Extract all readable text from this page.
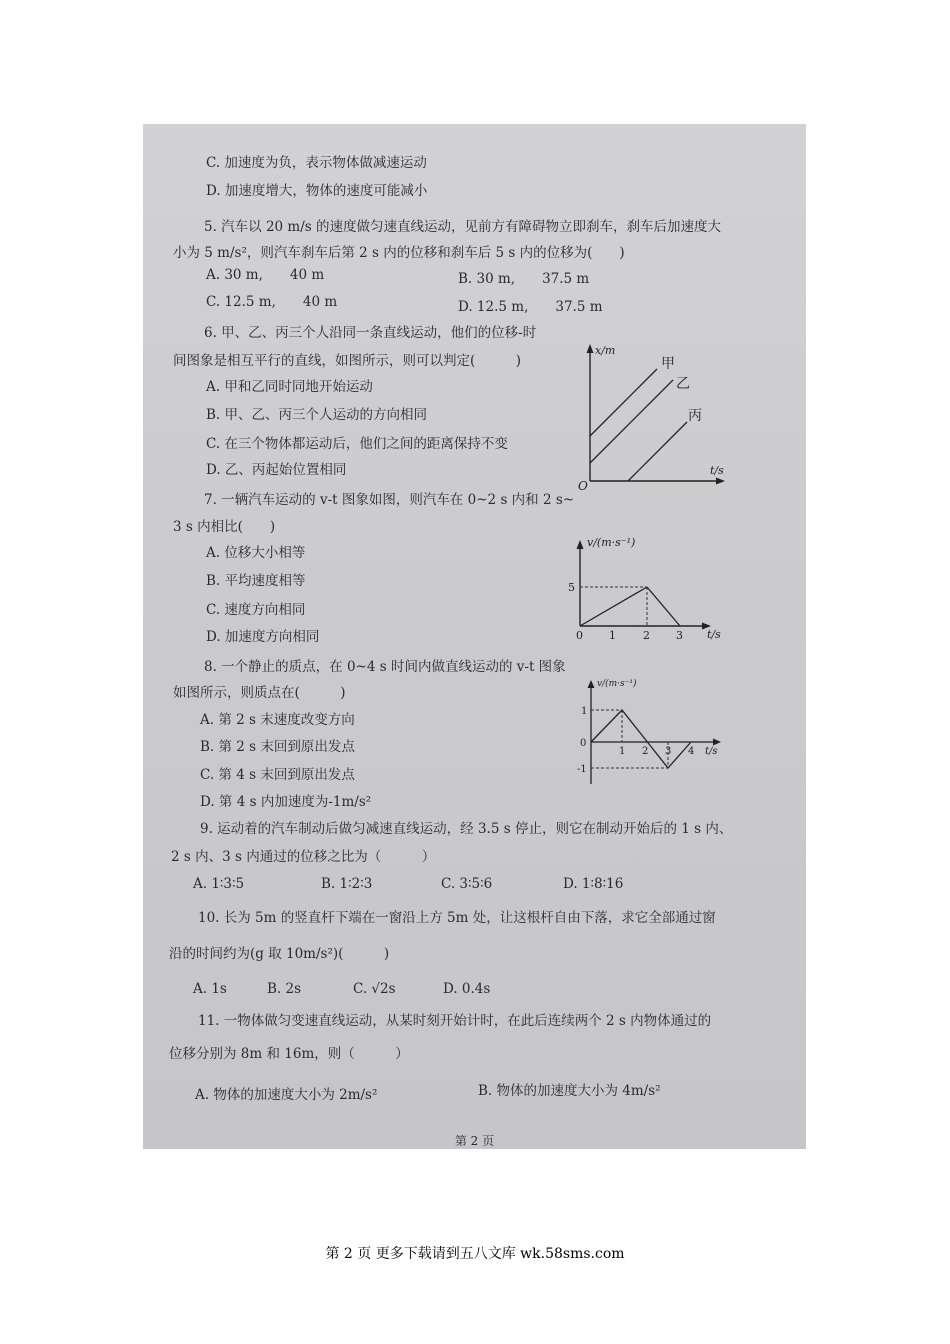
C. 加速度为负，表示物体做减速运动
D. 加速度增大，物体的速度可能减小
5. 汽车以 20 m/s 的速度做匀速直线运动，见前方有障碍物立即刹车，刹车后加速度大
小为 5 m/s²，则汽车刹车后第 2 s 内的位移和刹车后 5 s 内的位移为(　　)
A. 30 m,　　40 m	B. 30 m,　　37.5 m
C. 12.5 m,　　40 m	D. 12.5 m,　　37.5 m
6. 甲、乙、丙三个人沿同一条直线运动，他们的位移-时
间图象是相互平行的直线，如图所示，则可以判定(　　　)
A. 甲和乙同时同地开始运动
B. 甲、乙、丙三个人运动的方向相同
C. 在三个物体都运动后，他们之间的距离保持不变
D. 乙、丙起始位置相同
7. 一辆汽车运动的 v-t 图象如图，则汽车在 0~2 s 内和 2 s~
3 s 内相比(　　)
A. 位移大小相等
B. 平均速度相等
C. 速度方向相同
D. 加速度方向相同
8. 一个静止的质点，在 0~4 s 时间内做直线运动的 v-t 图象
如图所示，则质点在(　　　)
A. 第 2 s 末速度改变方向
B. 第 2 s 末回到原出发点
C. 第 4 s 末回到原出发点
D. 第 4 s 内加速度为-1m/s²
9. 运动着的汽车制动后做匀减速直线运动，经 3.5 s 停止，则它在制动开始后的 1 s 内、
2 s 内、3 s 内通过的位移之比为（　　　）
A. 1∶3∶5	B. 1∶2∶3	C. 3∶5∶6	D. 1∶8∶16
10. 长为 5m 的竖直杆下端在一窗沿上方 5m 处，让这根杆自由下落，求它全部通过窗
沿的时间约为(g 取 10m/s²)(　　　)
A. 1s	B. 2s	C. √2s	D. 0.4s
11. 一物体做匀变速直线运动，从某时刻开始计时，在此后连续两个 2 s 内物体通过的
位移分别为 8m 和 16m，则（　　　）
A. 物体的加速度大小为 2m/s²	B. 物体的加速度大小为 4m/s²
x/m
t/s
O
甲
乙
丙
v/(m·s⁻¹)
t/s
5
0 1 2 3
v/(m·s⁻¹)
t/s
1
0
-1
1 2 3 4
第 2 页
第 2 页 更多下载请到五八文库 wk.58sms.com
